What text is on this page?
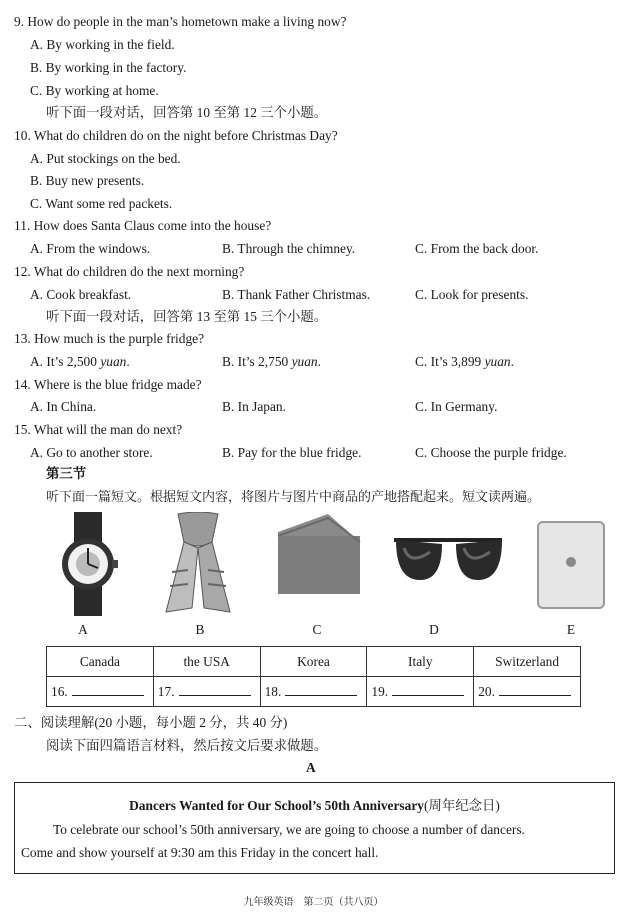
9. How do people in the man’s hometown make a living now?
A. By working in the field.
B. By working in the factory.
C. By working at home.
听下面一段对话，回答第 10 至第 12 三个小题。
10. What do children do on the night before Christmas Day?
A. Put stockings on the bed.
B. Buy new presents.
C. Want some red packets.
11. How does Santa Claus come into the house?
A. From the windows.	B. Through the chimney.	C. From the back door.
12. What do children do the next morning?
A. Cook breakfast.	B. Thank Father Christmas.	C. Look for presents.
听下面一段对话，回答第 13 至第 15 三个小题。
13. How much is the purple fridge?
A. It’s 2,500 yuan.	B. It’s 2,750 yuan.	C. It’s 3,899 yuan.
14. Where is the blue fridge made?
A. In China.	B. In Japan.	C. In Germany.
15. What will the man do next?
A. Go to another store.	B. Pay for the blue fridge.	C. Choose the purple fridge.
第三节
听下面一篇短文。根据短文内容，将图片与图片中商品的产地搭配起来。短文读两遍。
A	B	C	D	E
Canada	the USA	Korea	Italy	Switzerland
16.	17.	18.	19.	20.
二、阅读理解(20 小题，每小题 2 分，共 40 分)
阅读下面四篇语言材料，然后按文后要求做题。
A
Dancers Wanted for Our School’s 50th Anniversary(周年纪念日)
To celebrate our school’s 50th anniversary, we are going to choose a number of dancers.
Come and show yourself at 9:30 am this Friday in the concert hall.
九年级英语　第二页（共八页）
